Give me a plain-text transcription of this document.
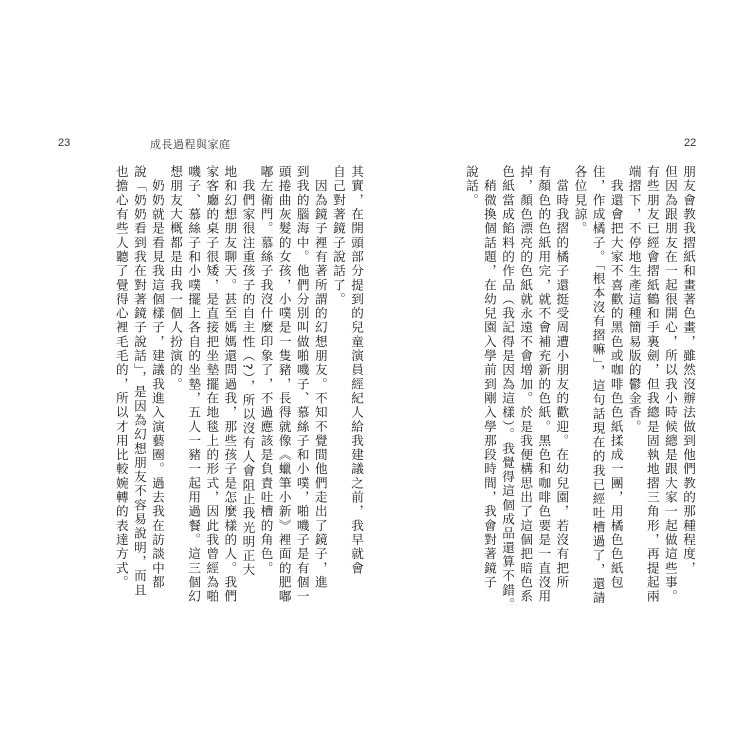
23	成長過程與家庭
其實，在開頭部分提到的兒童演員經紀人給我建議之前，我早就會
自己對著鏡子說話了。
　因為鏡子裡有著所謂的幻想朋友。不知不覺間他們走出了鏡子，進
到我的腦海中。他們分別叫做啪嘰子、慕絲子和小噗，啪嘰子是有個一
頭捲曲灰髮的女孩，小噗是一隻豬，長得就像《蠟筆小新》裡面的肥嘟
嘟左衛門。慕絲子我沒什麼印象了，不過應該是負責吐槽的角色。
　我們家很注重孩子的自主性（?），所以沒有人會阻止我光明正大
地和幻想朋友聊天。甚至媽媽還問過我，那些孩子是怎麼樣的人。我們
家客廳的桌子很矮，是直接把坐墊擺在地毯上的形式，因此我曾經為啪
嘰子、慕絲子和小噗擺上各自的坐墊，五人一豬一起用過餐。這三個幻
想朋友大概都是由我一個人扮演的。
　奶奶就是看見我這個樣子，建議我進入演藝圈。過去我在訪談中都
說「奶奶看到我在對著鏡子說話」，是因為幻想朋友不容易說明，而且
也擔心有些人聽了覺得心裡毛毛的，所以才用比較婉轉的表達方式。
22
朋友會教我摺紙和畫著色畫，雖然沒辦法做到他們教的那種程度，
但因為跟朋友在一起很開心，所以我小時候總是跟大家一起做這些事。
有些朋友已經會摺紙鶴和手裏劍，但我總是固執地摺三角形，再提起兩
端摺下，不停地生產這種簡易版的鬱金香。
　我還會把大家不喜歡的黑色或咖啡色色紙揉成一團，用橘色色紙包
住，作成橘子。「根本沒有摺嘛」，這句話現在的我已經吐槽過了，還請
各位見諒。
　當時我摺的橘子還挺受周遭小朋友的歡迎。在幼兒園，若沒有把所
有顏色的色紙用完，就不會補充新的色紙。黑色和咖啡色要是一直沒用
掉，顏色漂亮的色紙就永遠不會增加。於是我便構思出了這個把暗色系
色紙當成餡料的作品（我記得是因為這樣）。我覺得這個成品還算不錯。
　稍微換個話題，在幼兒園入學前到剛入學那段時間，我會對著鏡子
說話。
